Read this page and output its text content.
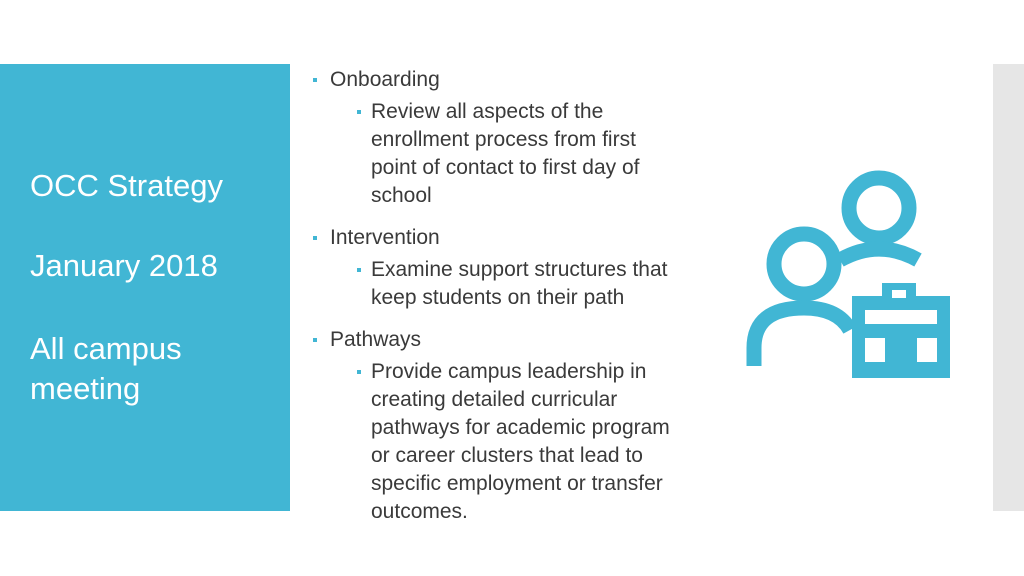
OCC Strategy
January 2018
All campus
meeting

Onboarding

Review all aspects of the
enrollment process from first
point of contact to first day of
school

Intervention

Examine support structures that
keep students on their path

Pathways

Provide campus leadership in
creating detailed curricular
pathways for academic program
or career clusters that lead to
specific employment or transfer
outcomes.
